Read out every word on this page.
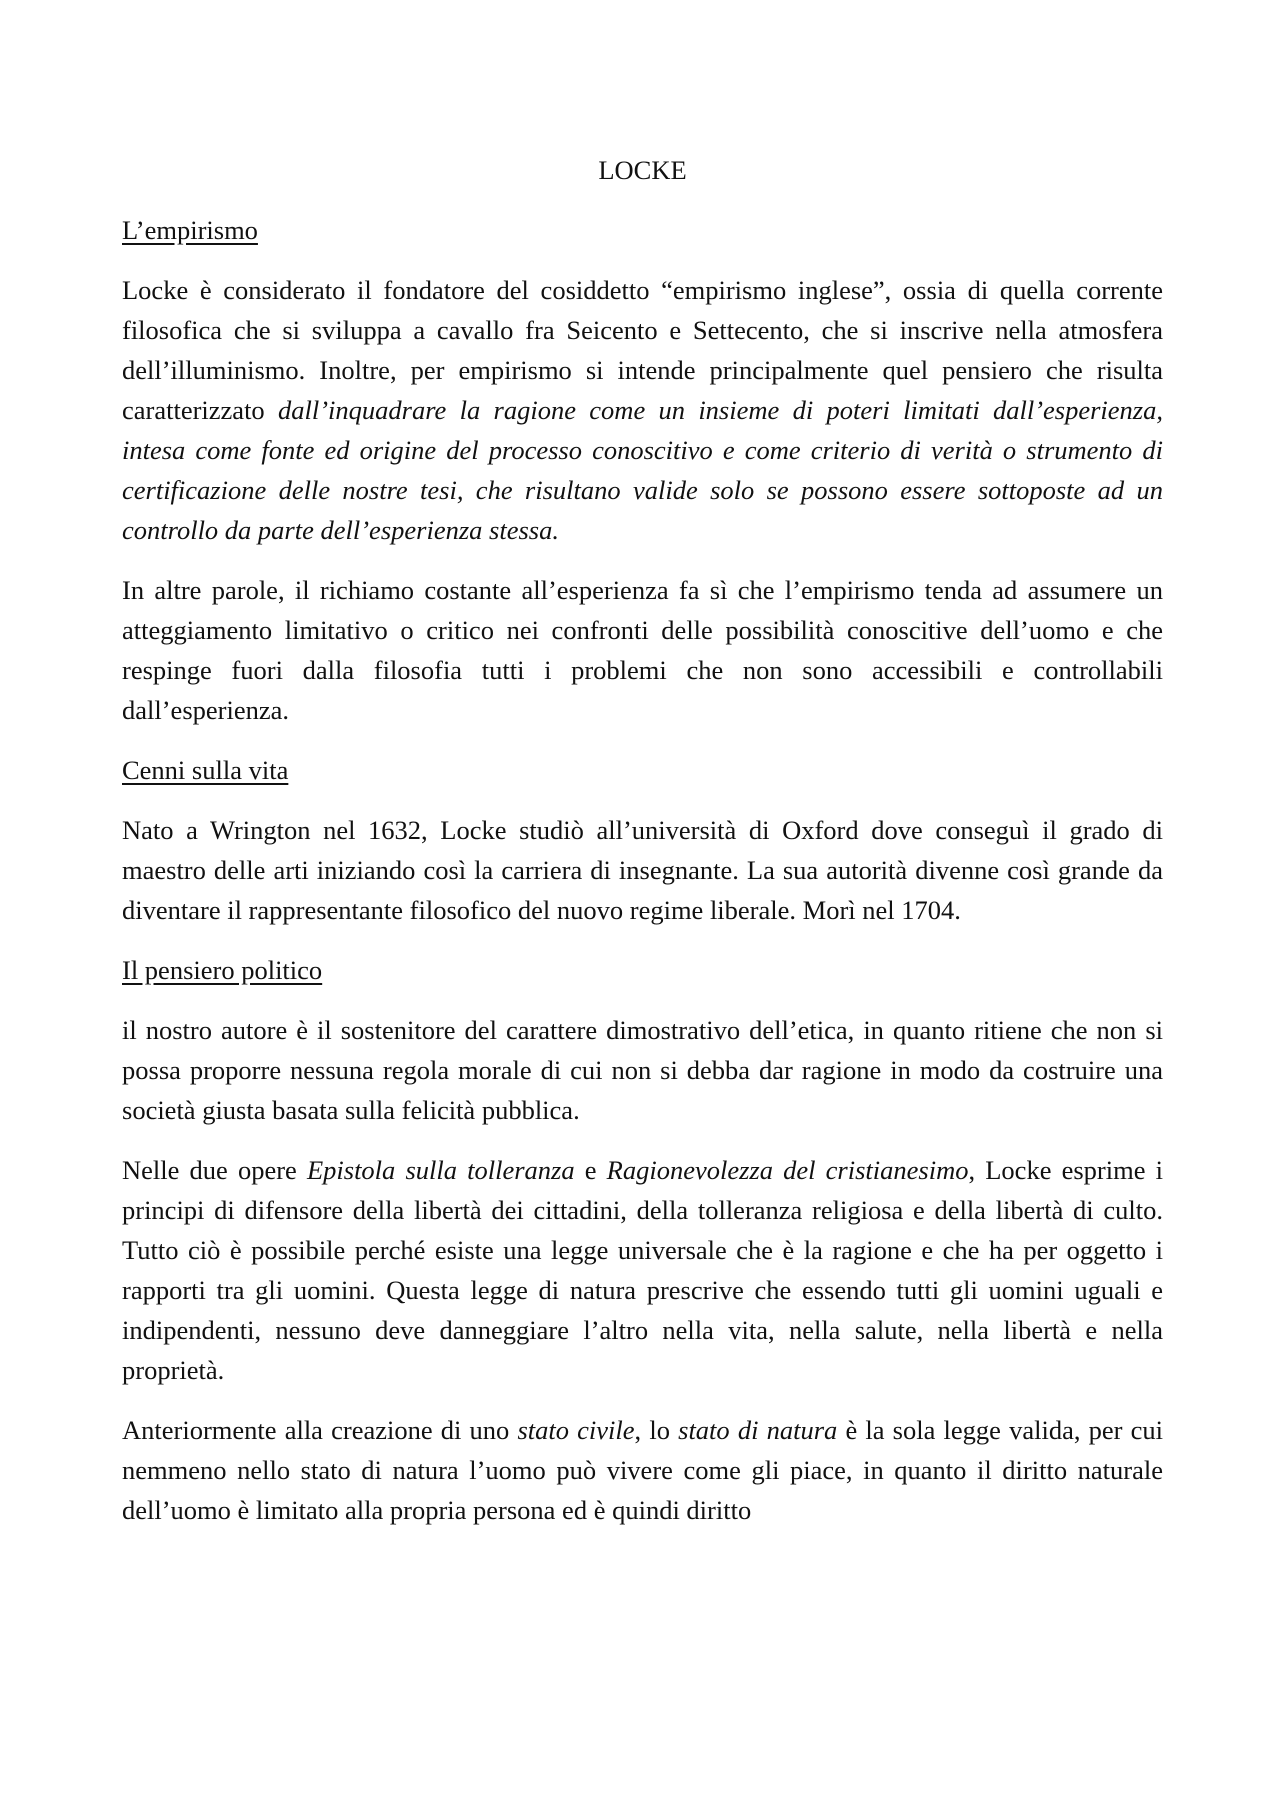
LOCKE
L’empirismo

Locke è considerato il fondatore del cosiddetto “empirismo inglese”, ossia di quella corrente filosofica che si sviluppa a cavallo fra Seicento e Settecento, che si inscrive nella atmosfera dell’illuminismo. Inoltre, per empirismo si intende principalmente quel pensiero che risulta caratterizzato dall’inquadrare la ragione come un insieme di poteri limitati dall’esperienza, intesa come fonte ed origine del processo conoscitivo e come criterio di verità o strumento di certificazione delle nostre tesi, che risultano valide solo se possono essere sottoposte ad un controllo da parte dell’esperienza stessa.

In altre parole, il richiamo costante all’esperienza fa sì che l’empirismo tenda ad assumere un atteggiamento limitativo o critico nei confronti delle possibilità conoscitive dell’uomo e che respinge fuori dalla filosofia tutti i problemi che non sono accessibili e controllabili dall’esperienza.

Cenni sulla vita

Nato a Wrington nel 1632, Locke studiò all’università di Oxford dove conseguì il grado di maestro delle arti iniziando così la carriera di insegnante. La sua autorità divenne così grande da diventare il rappresentante filosofico del nuovo regime liberale. Morì nel 1704.

Il pensiero politico

il nostro autore è il sostenitore del carattere dimostrativo dell’etica, in quanto ritiene che non si possa proporre nessuna regola morale di cui non si debba dar ragione in modo da costruire una società giusta basata sulla felicità pubblica.

Nelle due opere Epistola sulla tolleranza e Ragionevolezza del cristianesimo, Locke esprime i principi di difensore della libertà dei cittadini, della tolleranza religiosa e della libertà di culto. Tutto ciò è possibile perché esiste una legge universale che è la ragione e che ha per oggetto i rapporti tra gli uomini. Questa legge di natura prescrive che essendo tutti gli uomini uguali e indipendenti, nessuno deve danneggiare l’altro nella vita, nella salute, nella libertà e nella proprietà.

Anteriormente alla creazione di uno stato civile, lo stato di natura è la sola legge valida, per cui nemmeno nello stato di natura l’uomo può vivere come gli piace, in quanto il diritto naturale dell’uomo è limitato alla propria persona ed è quindi diritto
